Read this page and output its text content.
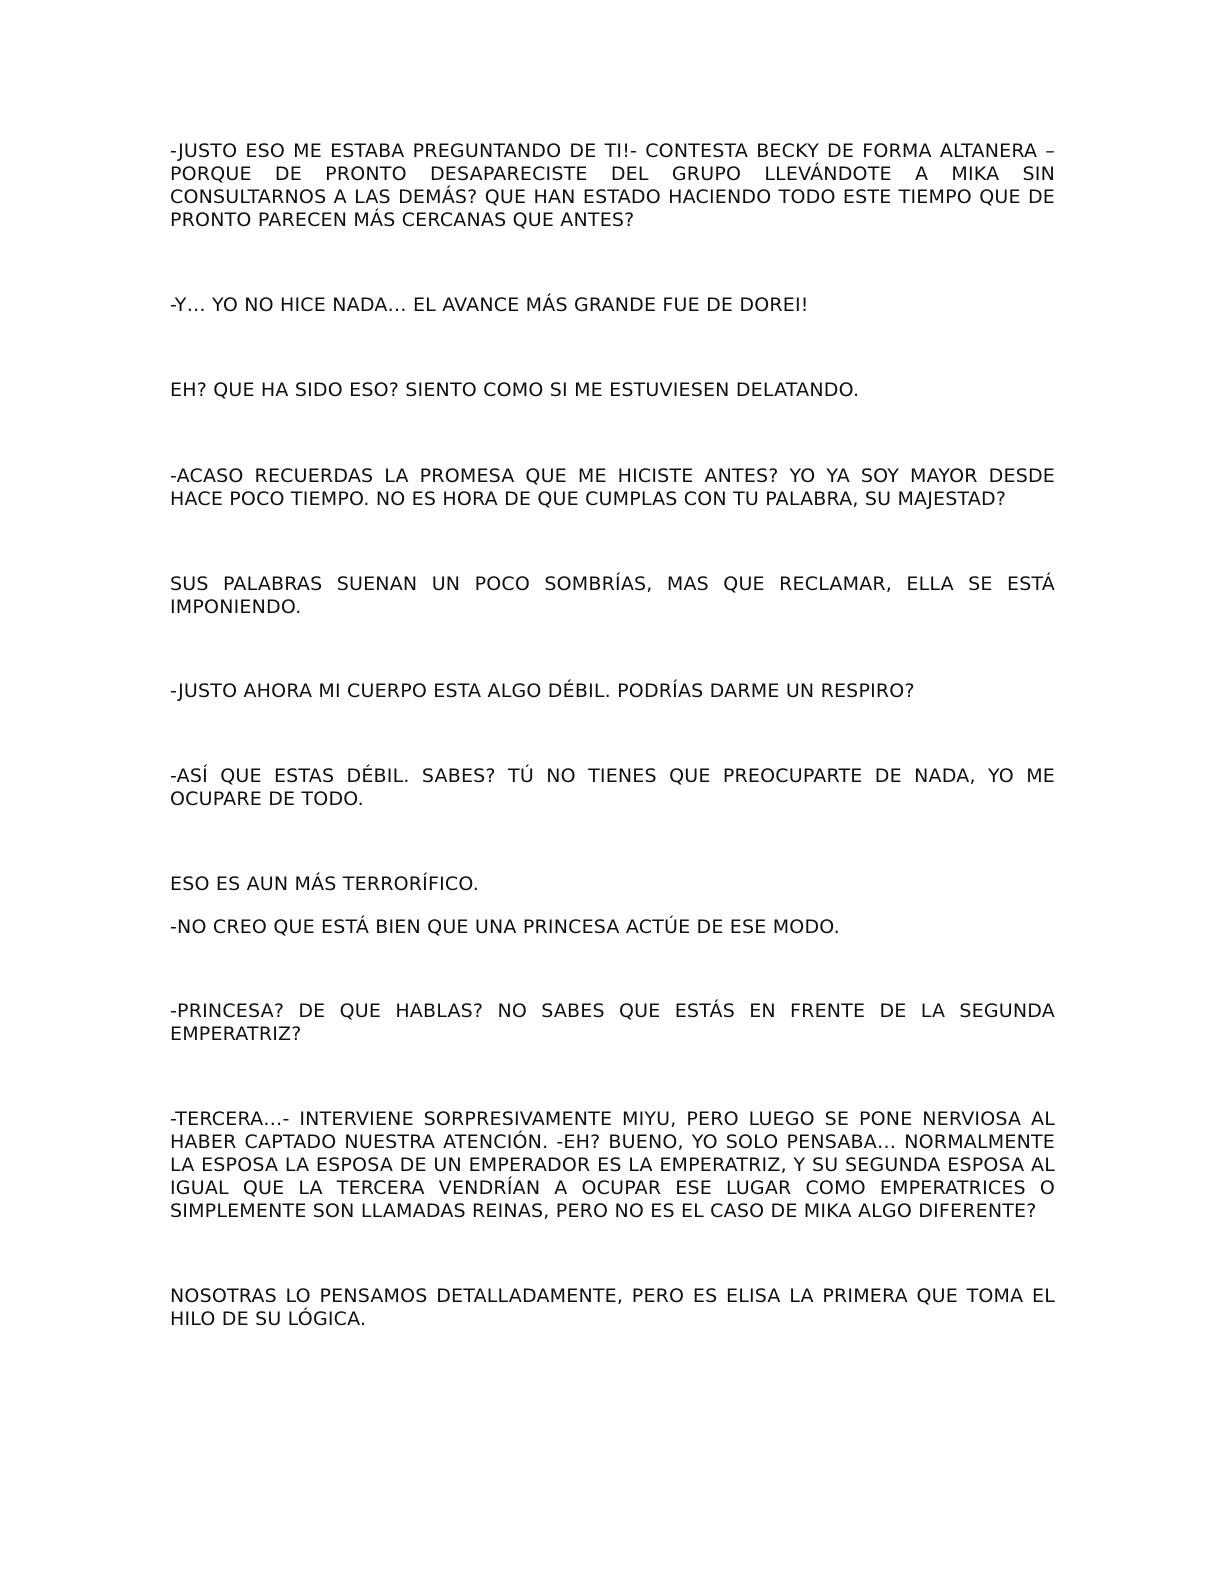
-JUSTO ESO ME ESTABA PREGUNTANDO DE TI!- CONTESTA BECKY DE FORMA ALTANERA – PORQUE DE PRONTO DESAPARECISTE DEL GRUPO LLEVÁNDOTE A MIKA SIN CONSULTARNOS A LAS DEMÁS? QUE HAN ESTADO HACIENDO TODO ESTE TIEMPO QUE DE PRONTO PARECEN MÁS CERCANAS QUE ANTES?

-Y… YO NO HICE NADA… EL AVANCE MÁS GRANDE FUE DE DOREI!

EH? QUE HA SIDO ESO? SIENTO COMO SI ME ESTUVIESEN DELATANDO.

-ACASO RECUERDAS LA PROMESA QUE ME HICISTE ANTES? YO YA SOY MAYOR DESDE HACE POCO TIEMPO. NO ES HORA DE QUE CUMPLAS CON TU PALABRA, SU MAJESTAD?

SUS PALABRAS SUENAN UN POCO SOMBRÍAS, MAS QUE RECLAMAR, ELLA SE ESTÁ IMPONIENDO.

-JUSTO AHORA MI CUERPO ESTA ALGO DÉBIL. PODRÍAS DARME UN RESPIRO?

-ASÍ QUE ESTAS DÉBIL. SABES? TÚ NO TIENES QUE PREOCUPARTE DE NADA, YO ME OCUPARE DE TODO.

ESO ES AUN MÁS TERRORÍFICO.

-NO CREO QUE ESTÁ BIEN QUE UNA PRINCESA ACTÚE DE ESE MODO.

-PRINCESA? DE QUE HABLAS? NO SABES QUE ESTÁS EN FRENTE DE LA SEGUNDA EMPERATRIZ?

-TERCERA…- INTERVIENE SORPRESIVAMENTE MIYU, PERO LUEGO SE PONE NERVIOSA AL HABER CAPTADO NUESTRA ATENCIÓN. -EH? BUENO, YO SOLO PENSABA… NORMALMENTE LA ESPOSA LA ESPOSA DE UN EMPERADOR ES LA EMPERATRIZ, Y SU SEGUNDA ESPOSA AL IGUAL QUE LA TERCERA VENDRÍAN A OCUPAR ESE LUGAR COMO EMPERATRICES O SIMPLEMENTE SON LLAMADAS REINAS, PERO NO ES EL CASO DE MIKA ALGO DIFERENTE?

NOSOTRAS LO PENSAMOS DETALLADAMENTE, PERO ES ELISA LA PRIMERA QUE TOMA EL HILO DE SU LÓGICA.
